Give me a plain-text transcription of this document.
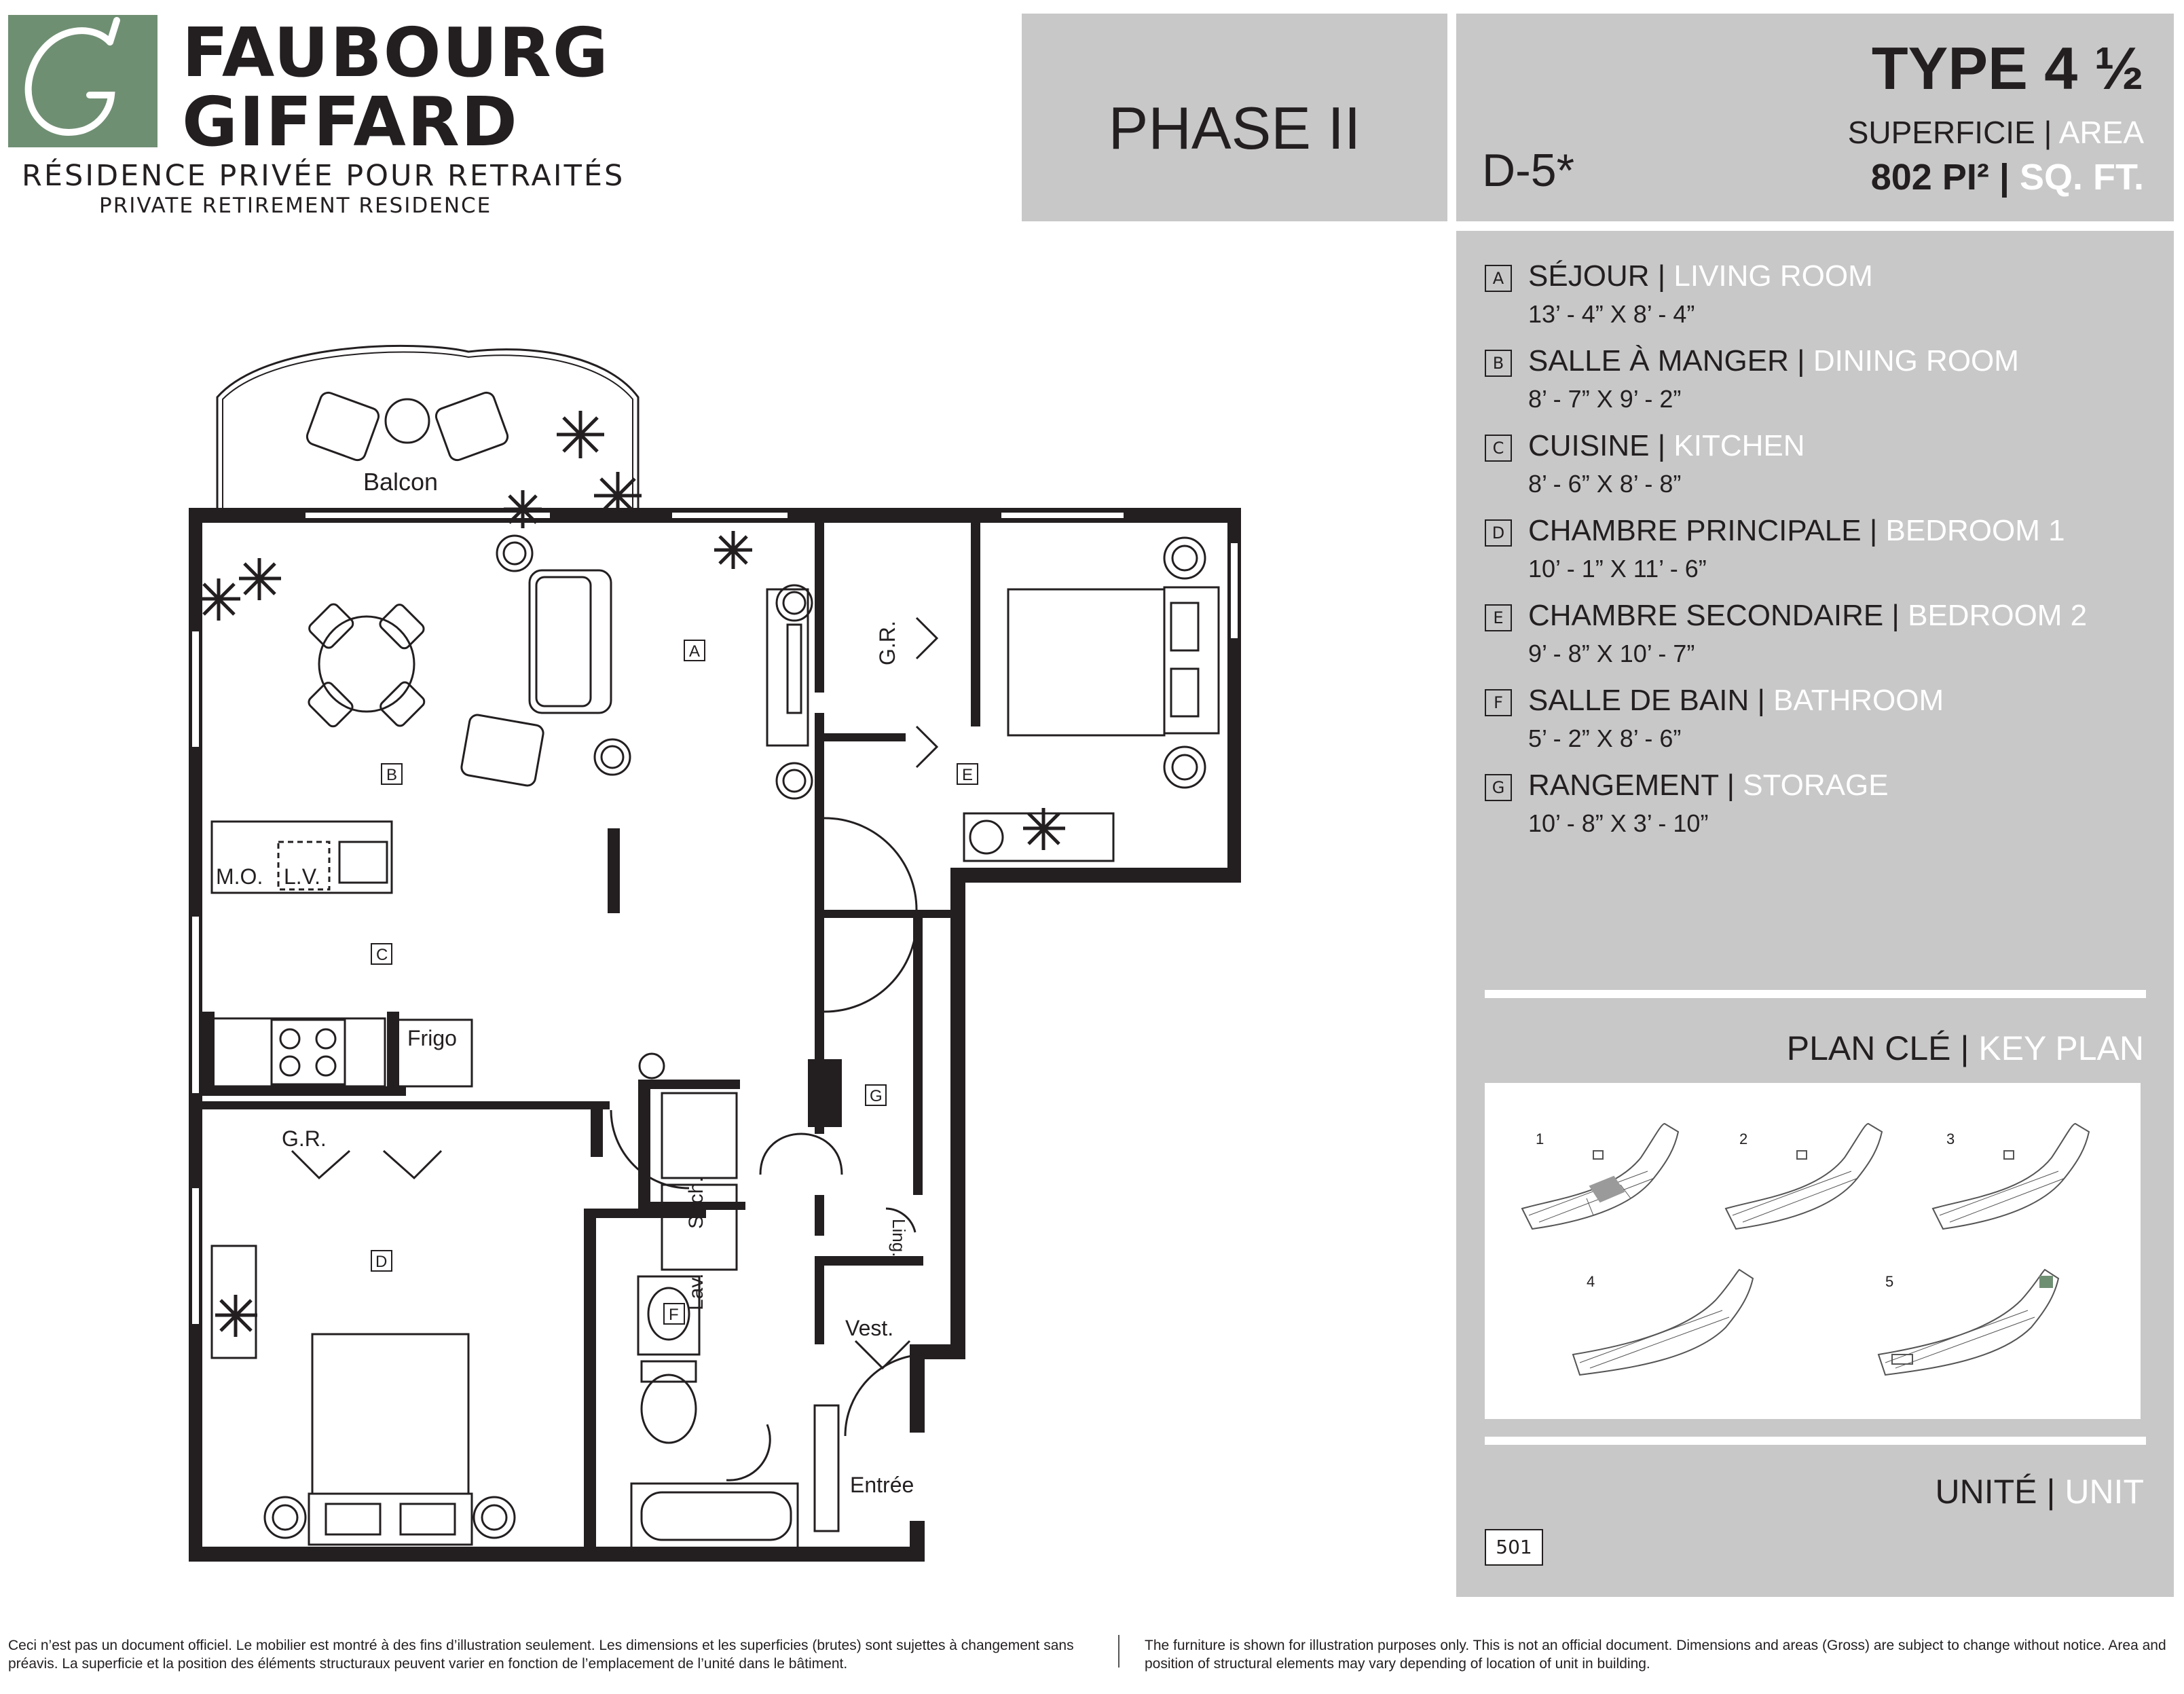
FAUBOURG
GIFFARD
RÉSIDENCE PRIVÉE POUR RETRAITÉS
PRIVATE RETIREMENT RESIDENCE
PHASE II
D-5*
TYPE 4 ½
SUPERFICIE | AREA
802 PI² | SQ. FT.
A SÉJOUR | LIVING ROOM
13’ - 4” X 8’ - 4”
B SALLE À MANGER | DINING ROOM
8’ - 7” X 9’ - 2”
C CUISINE | KITCHEN
8’ - 6” X 8’ - 8”
D CHAMBRE PRINCIPALE | BEDROOM 1
10’ - 1” X 11’ - 6”
E CHAMBRE SECONDAIRE | BEDROOM 2
9’ - 8” X 10’ - 7”
F SALLE DE BAIN | BATHROOM
5’ - 2” X 8’ - 6”
G RANGEMENT | STORAGE
10’ - 8” X 3’ - 10”
PLAN CLÉ | KEY PLAN
1	2	3
4	5
UNITÉ | UNIT
501
Balcon
A
B
C
D
E
F
G
M.O. L.V.
Frigo
G.R.
G.R.
Séch.
Lav.
Ling.
Vest.
Entrée
Ceci n’est pas un document officiel. Le mobilier est montré à des fins d’illustration seulement. Les dimensions et les superficies (brutes) sont sujettes à changement sans préavis. La superficie et la position des éléments structuraux peuvent varier en fonction de l’emplacement de l’unité dans le bâtiment.
The furniture is shown for illustration purposes only. This is not an official document. Dimensions and areas (Gross) are subject to change without notice. Area and position of structural elements may vary depending of location of unit in building.
